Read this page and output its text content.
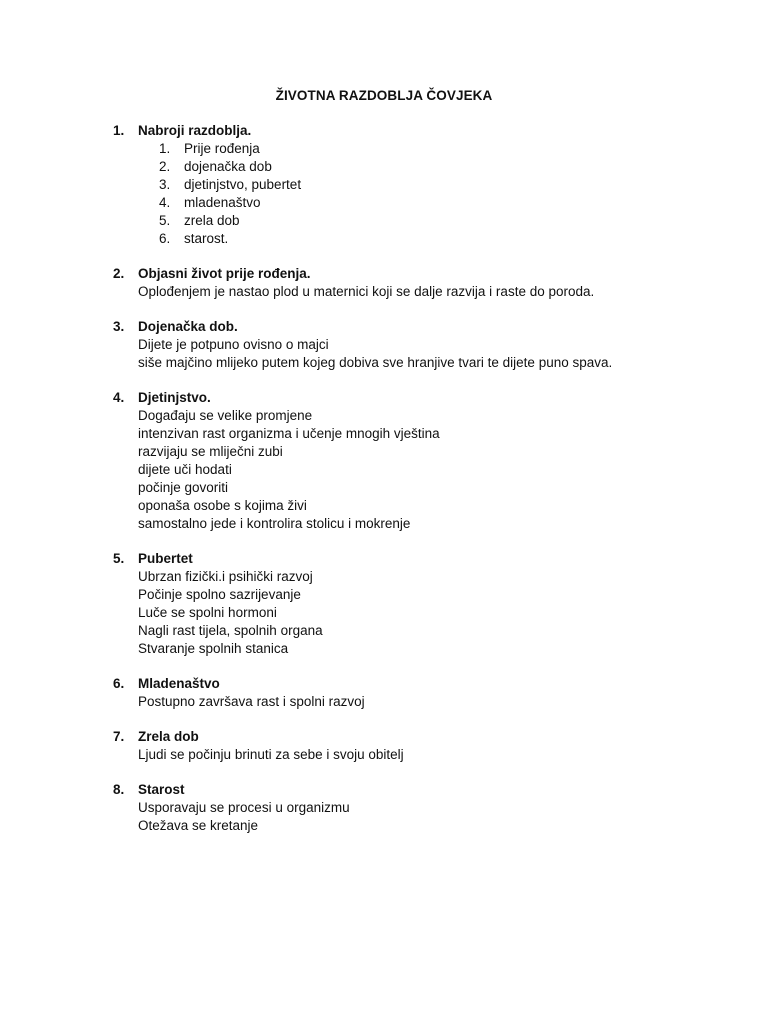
ŽIVOTNA RAZDOBLJA ČOVJEKA
1. Nabroji razdoblja.
1. Prije rođenja
2. dojenačka dob
3. djetinjstvo, pubertet
4. mladenaštvo
5. zrela dob
6. starost.
2. Objasni život prije rođenja.
Oplođenjem je nastao plod u maternici koji se dalje razvija i raste do poroda.
3. Dojenačka dob.
Dijete je potpuno ovisno o majci
siše majčino mlijeko putem kojeg dobiva sve hranjive tvari te dijete puno spava.
4. Djetinjstvo.
Događaju se velike promjene
intenzivan rast organizma i učenje mnogih vještina
razvijaju se mliječni zubi
dijete uči hodati
počinje govoriti
oponaša osobe s kojima živi
samostalno jede i kontrolira stolicu i mokrenje
5. Pubertet
Ubrzan fizički.i psihički razvoj
Počinje spolno sazrijevanje
Luče se spolni hormoni
Nagli rast tijela, spolnih organa
Stvaranje spolnih stanica
6. Mladenaštvo
Postupno završava rast i spolni razvoj
7. Zrela dob
Ljudi se počinju brinuti za sebe i svoju obitelj
8. Starost
Usporavaju se procesi u organizmu
Otežava se kretanje
